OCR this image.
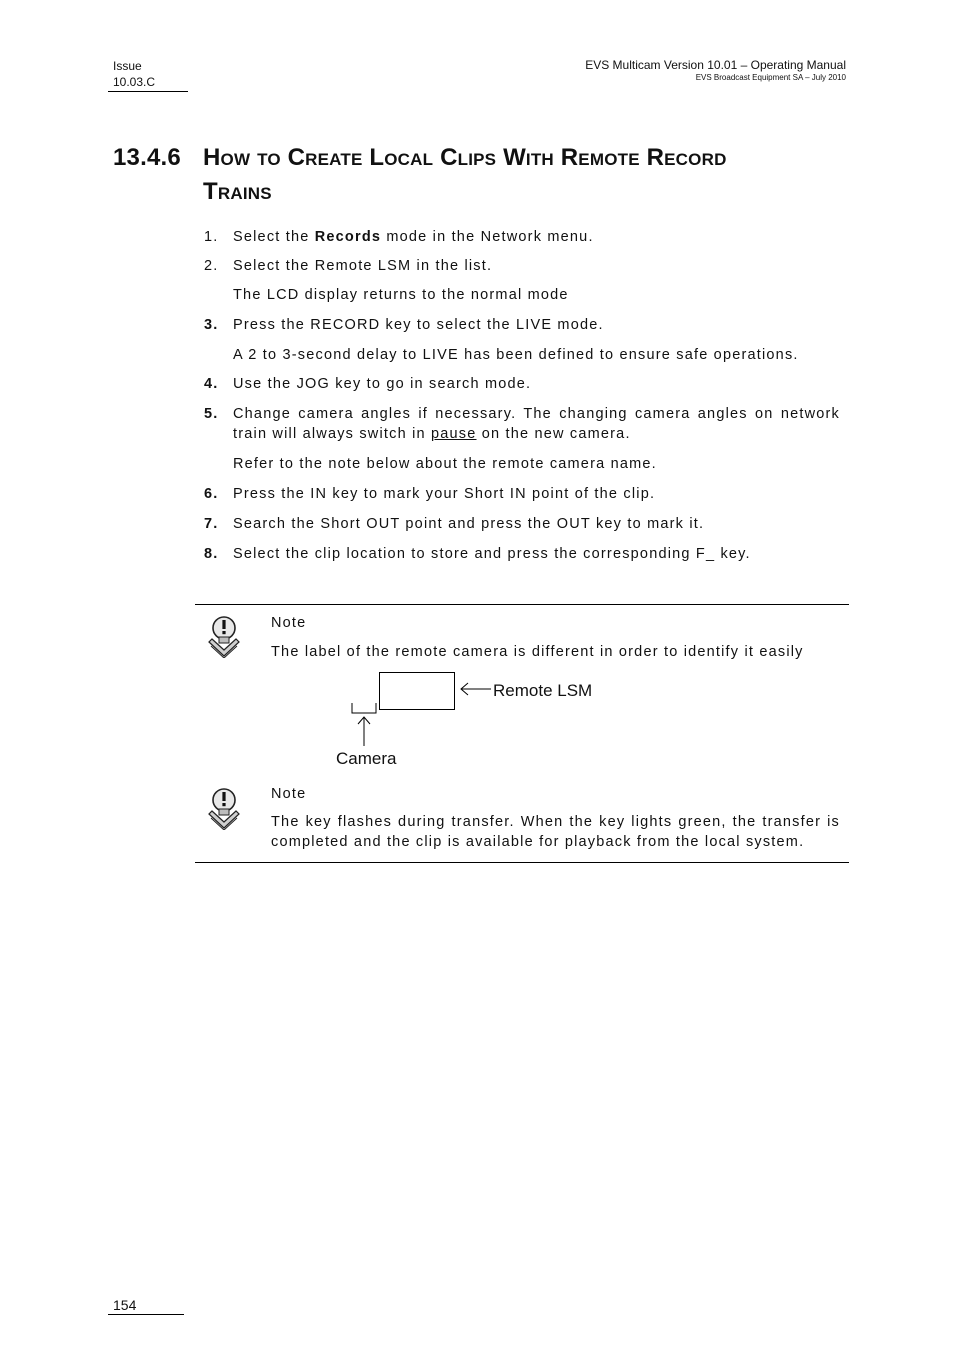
Issue
10.03.C
EVS Multicam Version 10.01 – Operating Manual
EVS Broadcast Equipment SA – July 2010
13.4.6 How to Create Local Clips With Remote Record
Trains
1.	Select the Records mode in the Network menu.
2.	Select the Remote LSM in the list.
The LCD display returns to the normal mode
3.	Press the RECORD key to select the LIVE mode.
A 2 to 3-second delay to LIVE has been defined to ensure safe operations.
4.	Use the JOG key to go in search mode.
5.	Change camera angles if necessary. The changing camera angles on network train will always switch in pause on the new camera.
Refer to the note below about the remote camera name.
6.	Press the IN key to mark your Short IN point of the clip.
7.	Search the Short OUT point and press the OUT key to mark it.
8.	Select the clip location to store and press the corresponding F_ key.
Note
The label of the remote camera is different in order to identify it easily
Remote LSM
Camera
Note
The key flashes during transfer. When the key lights green, the transfer is completed and the clip is available for playback from the local system.
154
